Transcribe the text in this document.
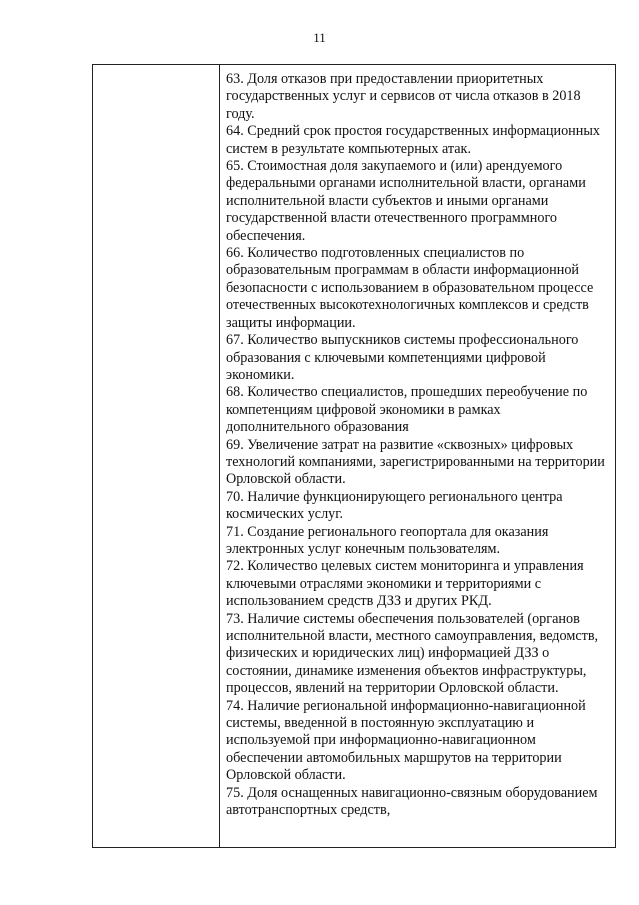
11

63. Доля отказов при предоставлении приоритетных государственных услуг и сервисов от числа отказов в 2018 году.

64. Средний срок простоя государственных информационных систем в результате компьютерных атак.

65. Стоимостная доля закупаемого и (или) арендуемого федеральными органами исполнительной власти, органами исполнительной власти субъектов и иными органами государственной власти отечественного программного обеспечения.

66. Количество подготовленных специалистов по образовательным программам в области информационной безопасности с использованием в образовательном процессе отечественных высокотехнологичных комплексов и средств защиты информации.

67. Количество выпускников системы профессионального образования с ключевыми компетенциями цифровой экономики.

68. Количество специалистов, прошедших переобучение по компетенциям цифровой экономики в рамках дополнительного образования

69. Увеличение затрат на развитие «сквозных» цифровых технологий компаниями, зарегистрированными на территории Орловской области.

70. Наличие функционирующего регионального центра космических услуг.

71. Создание регионального геопортала для оказания электронных услуг конечным пользователям.

72. Количество целевых систем мониторинга и управления ключевыми отраслями экономики и территориями с использованием средств ДЗЗ и других РКД.

73. Наличие системы обеспечения пользователей (органов исполнительной власти, местного самоуправления, ведомств, физических и юридических лиц) информацией ДЗЗ о состоянии, динамике изменения объектов инфраструктуры, процессов, явлений на территории Орловской области.

74. Наличие региональной информационно-навигационной системы, введенной в постоянную эксплуатацию и используемой при информационно-навигационном обеспечении автомобильных маршрутов на территории Орловской области.

75. Доля оснащенных навигационно-связным оборудованием автотранспортных средств,
